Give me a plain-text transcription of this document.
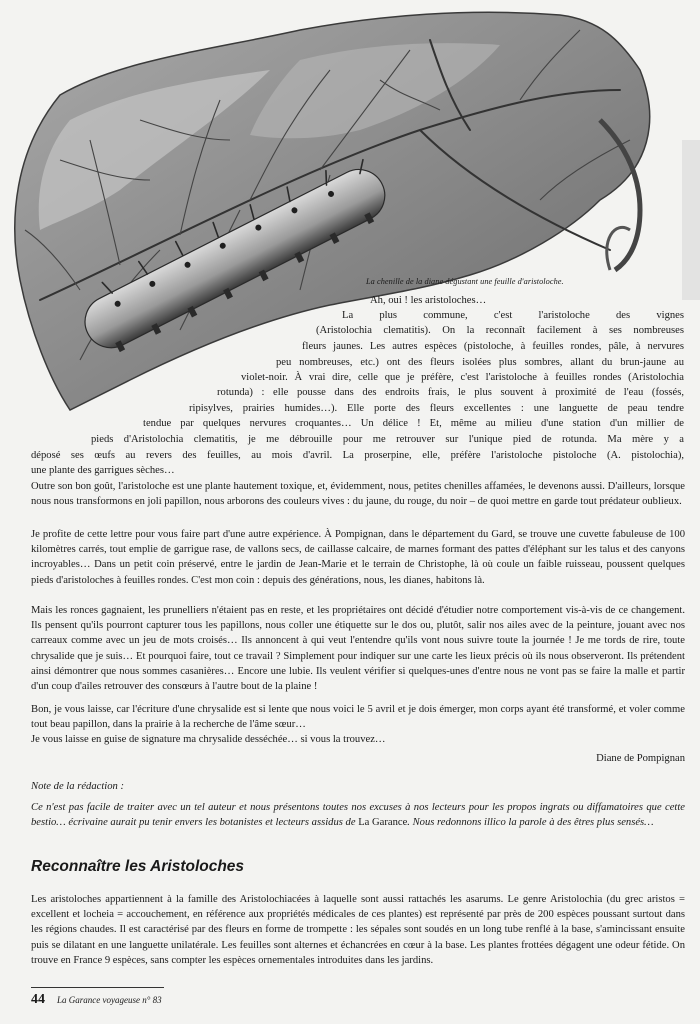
La chenille de la diane dégustant une feuille d'aristoloche.
Ah, oui ! les aristoloches…
La plus commune, c'est l'aristoloche des vignes
(Aristolochia clematitis). On la reconnaît facilement à ses nombreuses
fleurs jaunes. Les autres espèces (pistoloche, à feuilles rondes, pâle, à nervures
peu nombreuses, etc.) ont des fleurs isolées plus sombres, allant du brun-jaune au
violet-noir. À vrai dire, celle que je préfère, c'est l'aristoloche à feuilles rondes (Aristolochia
rotunda) : elle pousse dans des endroits frais, le plus souvent à proximité de l'eau (fossés,
ripisylves, prairies humides…). Elle porte des fleurs excellentes : une languette de peau tendre
tendue par quelques nervures croquantes… Un délice ! Et, même au milieu d'une station d'un millier de
pieds d'Aristolochia clematitis, je me débrouille pour me retrouver sur l'unique pied de rotunda. Ma mère y a
déposé ses œufs au revers des feuilles, au mois d'avril. La proserpine, elle, préfère l'aristoloche pistoloche (A. pistolochia),
une plante des garrigues sèches…

Outre son bon goût, l'aristoloche est une plante hautement toxique, et, évidemment, nous, petites chenilles affamées, le devenons aussi. D'ailleurs, lorsque nous nous transformons en joli papillon, nous arborons des couleurs vives : du jaune, du rouge, du noir – de quoi mettre en garde tout prédateur oublieux.

Je profite de cette lettre pour vous faire part d'une autre expérience. À Pompignan, dans le département du Gard, se trouve une cuvette fabuleuse de 100 kilomètres carrés, tout emplie de garrigue rase, de vallons secs, de caillasse calcaire, de marnes formant des pattes d'éléphant sur les talus et des canyons incroyables… Dans un petit coin préservé, entre le jardin de Jean-Marie et le terrain de Christophe, là où coule un faible ruisseau, poussent quelques pieds d'aristoloches à feuilles rondes. C'est mon coin : depuis des générations, nous, les dianes, habitons là.

Mais les ronces gagnaient, les prunelliers n'étaient pas en reste, et les propriétaires ont décidé d'étudier notre comportement vis-à-vis de ce changement. Ils pensent qu'ils pourront capturer tous les papillons, nous coller une étiquette sur le dos ou, plutôt, salir nos ailes avec de la peinture, jouant avec nos carreaux comme avec un jeu de mots croisés… Ils annoncent à qui veut l'entendre qu'ils vont nous suivre toute la journée ! Je me tords de rire, toute chrysalide que je suis… Et pourquoi faire, tout ce travail ? Simplement pour indiquer sur une carte les lieux précis où ils nous observeront. Ils prétendent ainsi démontrer que nous sommes casanières… Encore une lubie. Ils veulent vérifier si quelques-unes d'entre nous ne vont pas se faire la malle et partir d'un coup d'ailes retrouver des consœurs à l'autre bout de la plaine !

Bon, je vous laisse, car l'écriture d'une chrysalide est si lente que nous voici le 5 avril et je dois émerger, mon corps ayant été transformé, et voler comme tout beau papillon, dans la prairie à la recherche de l'âme sœur…

Je vous laisse en guise de signature ma chrysalide desséchée… si vous la trouvez…

Diane de Pompignan
Note de la rédaction :
Ce n'est pas facile de traiter avec un tel auteur et nous présentons toutes nos excuses à nos lecteurs pour les propos ingrats ou diffamatoires que cette bestio… écrivaine aurait pu tenir envers les botanistes et lecteurs assidus de La Garance. Nous redonnons illico la parole à des êtres plus sensés…
Reconnaître les Aristoloches
Les aristoloches appartiennent à la famille des Aristolochiacées à laquelle sont aussi rattachés les asarums. Le genre Aristolochia (du grec aristos = excellent et locheia = accouchement, en référence aux propriétés médicales de ces plantes) est représenté par près de 200 espèces poussant surtout dans les régions chaudes. Il est caractérisé par des fleurs en forme de trompette : les sépales sont soudés en un long tube renflé à la base, s'amincissant ensuite puis se dilatant en une languette unilatérale. Les feuilles sont alternes et échancrées en cœur à la base. Les plantes frottées dégagent une odeur fétide. On trouve en France 9 espèces, sans compter les espèces ornementales introduites dans les jardins.
44 La Garance voyageuse n° 83
